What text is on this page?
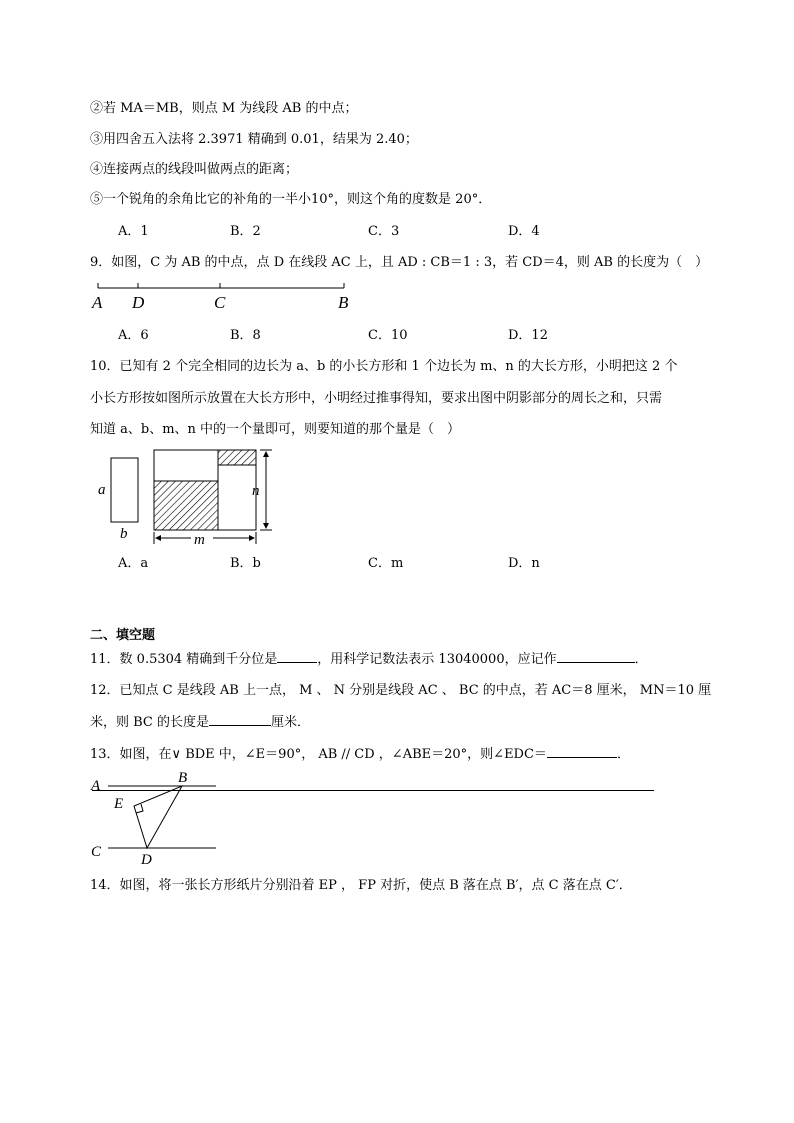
②若 MA＝MB，则点 M 为线段 AB 的中点；
③用四舍五入法将 2.3971 精确到 0.01，结果为 2.40；
④连接两点的线段叫做两点的距离；
⑤一个锐角的余角比它的补角的一半小10°，则这个角的度数是 20°．
A．1	B．2	C．3	D．4
9．如图，C 为 AB 的中点，点 D 在线段 AC 上，且 AD : CB＝1 : 3，若 CD＝4，则 AB 的长度为（　）
A D	C	B
A．6	B．8	C．10	D．12
10．已知有 2 个完全相同的边长为 a、b 的小长方形和 1 个边长为 m、n 的大长方形，小明把这 2 个
小长方形按如图所示放置在大长方形中，小明经过推事得知，要求出图中阴影部分的周长之和，只需
知道 a、b、m、n 中的一个量即可，则要知道的那个量是（　）
a
b
n
m
A．a	B．b	C．m	D．n
二、填空题
11．数 0.5304 精确到千分位是	，用科学记数法表示 13040000，应记作	．
12．已知点 C 是线段 AB 上一点， M 、 N 分别是线段 AC 、 BC 的中点，若 AC＝8 厘米， MN＝10 厘
米，则 BC 的长度是	厘米．
13．如图，在∨ BDE 中，∠E＝90°， AB // CD ，∠ABE＝20°，则∠EDC＝	．
A	B
E
C	D
14．如图，将一张长方形纸片分别沿着 EP ， FP 对折，使点 B 落在点 B′，点 C 落在点 C′．
